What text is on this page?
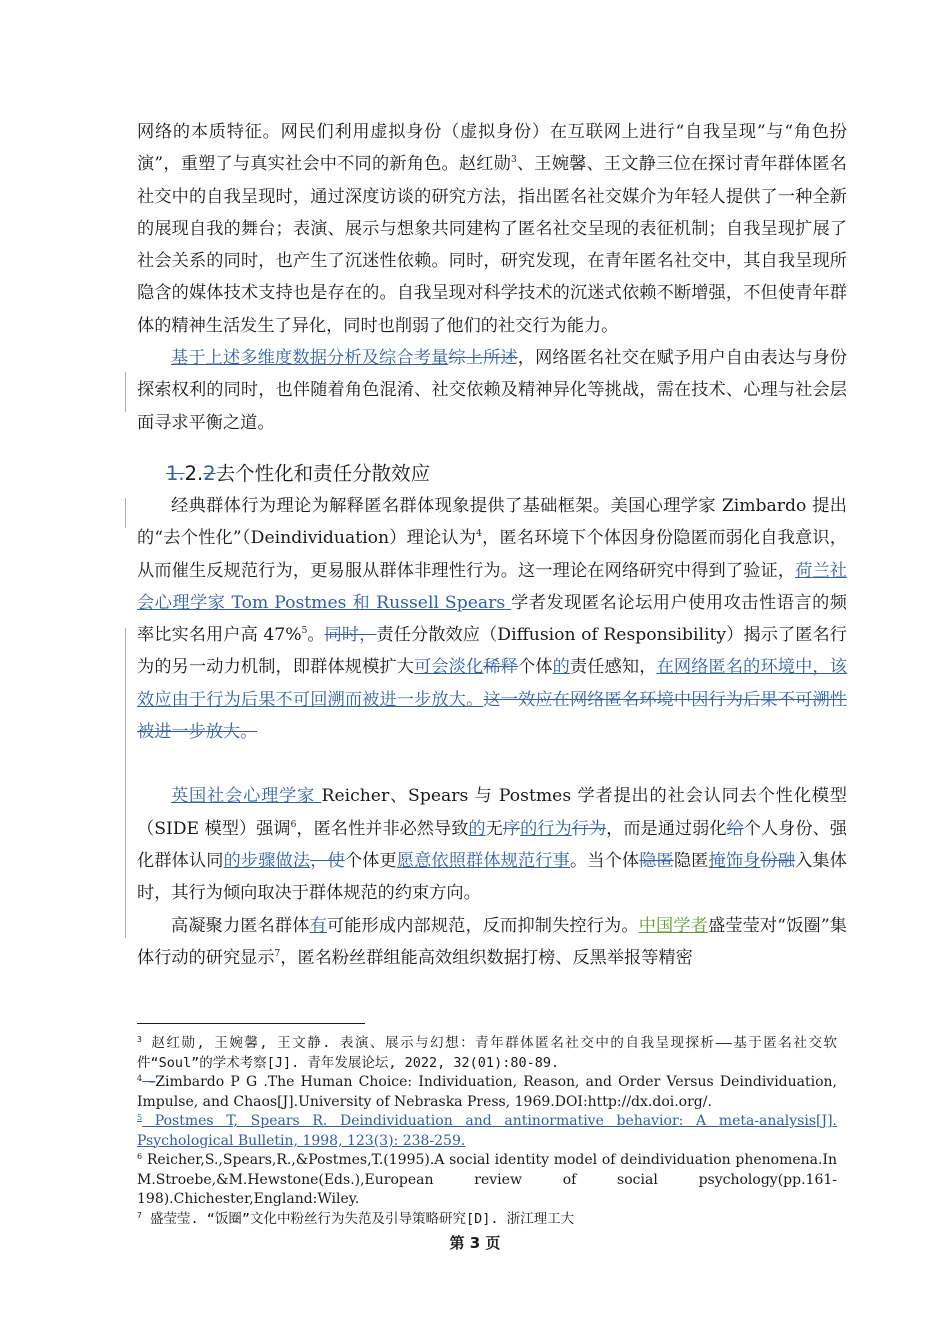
网络的本质特征。网民们利用虚拟身份（虚拟身份）在互联网上进行“自我呈现”与“角色扮演”，重塑了与真实社会中不同的新角色。赵红勋$^3$、王婉馨、王文静三位在探讨青年群体匿名社交中的自我呈现时，通过深度访谈的研究方法，指出匿名社交媒介为年轻人提供了一种全新的展现自我的舞台；表演、展示与想象共同建构了匿名社交呈现的表征机制；自我呈现扩展了社会关系的同时，也产生了沉迷性依赖。同时，研究发现，在青年匿名社交中，其自我呈现所隐含的媒体技术支持也是存在的。自我呈现对科学技术的沉迷式依赖不断增强，不但使青年群体的精神生活发生了异化，同时也削弱了他们的社交行为能力。

基于上述多维度数据分析及综合考量综上所述，网络匿名社交在赋予用户自由表达与身份探索权利的同时，也伴随着角色混淆、社交依赖及精神异化等挑战，需在技术、心理与社会层面寻求平衡之道。

1.2.2去个性化和责任分散效应

经典群体行为理论为解释匿名群体现象提供了基础框架。美国心理学家 Zimbardo 提出的“去个性化”（Deindividuation）理论认为$^4$，匿名环境下个体因身份隐匿而弱化自我意识，从而催生反规范行为，更易服从群体非理性行为。这一理论在网络研究中得到了验证，荷兰社会心理学家 Tom Postmes 和 Russell Spears 学者发现匿名论坛用户使用攻击性语言的频率比实名用户高 47%$^5$。同时，责任分散效应（Diffusion of Responsibility）揭示了匿名行为的另一动力机制，即群体规模扩大可会淡化稀释个体的责任感知，在网络匿名的环境中，该效应由于行为后果不可回溯而被进一步放大。这一效应在网络匿名环境中因行为后果不可溯性被进一步放大。

英国社会心理学家 Reicher、Spears 与 Postmes 学者提出的社会认同去个性化模型（SIDE 模型）强调$^6$，匿名性并非必然导致的无序的行为行为，而是通过弱化给个人身份、强化群体认同的步骤做法，使个体更愿意依照群体规范行事。当个体隐匿隐匿掩饰身份融入集体时，其行为倾向取决于群体规范的约束方向。

高凝聚力匿名群体有可能形成内部规范，反而抑制失控行为。中国学者盛莹莹对“饭圈”集体行动的研究显示$^7$，匿名粉丝群组能高效组织数据打榜、反黑举报等精密

$^3$ 赵红勋, 王婉馨, 王文静. 表演、展示与幻想：青年群体匿名社交中的自我呈现探析——基于匿名社交软件“Soul”的学术考察[J]. 青年发展论坛, 2022, 32(01):80-89.

$^4$ –Zimbardo P G .The Human Choice: Individuation, Reason, and Order Versus Deindividuation, Impulse, and Chaos[J].University of Nebraska Press, 1969.DOI:http://dx.doi.org/.

$^5$ Postmes T, Spears R. Deindividuation and antinormative behavior: A meta-analysis[J]. Psychological Bulletin, 1998, 123(3): 238-259.

$^6$ Reicher,S.,Spears,R.,&Postmes,T.(1995).A social identity model of deindividuation phenomena.In M.Stroebe,&M.Hewstone(Eds.),European review of social psychology(pp.161-198).Chichester,England:Wiley.

$^7$ 盛莹莹. “饭圈”文化中粉丝行为失范及引导策略研究[D]. 浙江理工大

第 3 页
